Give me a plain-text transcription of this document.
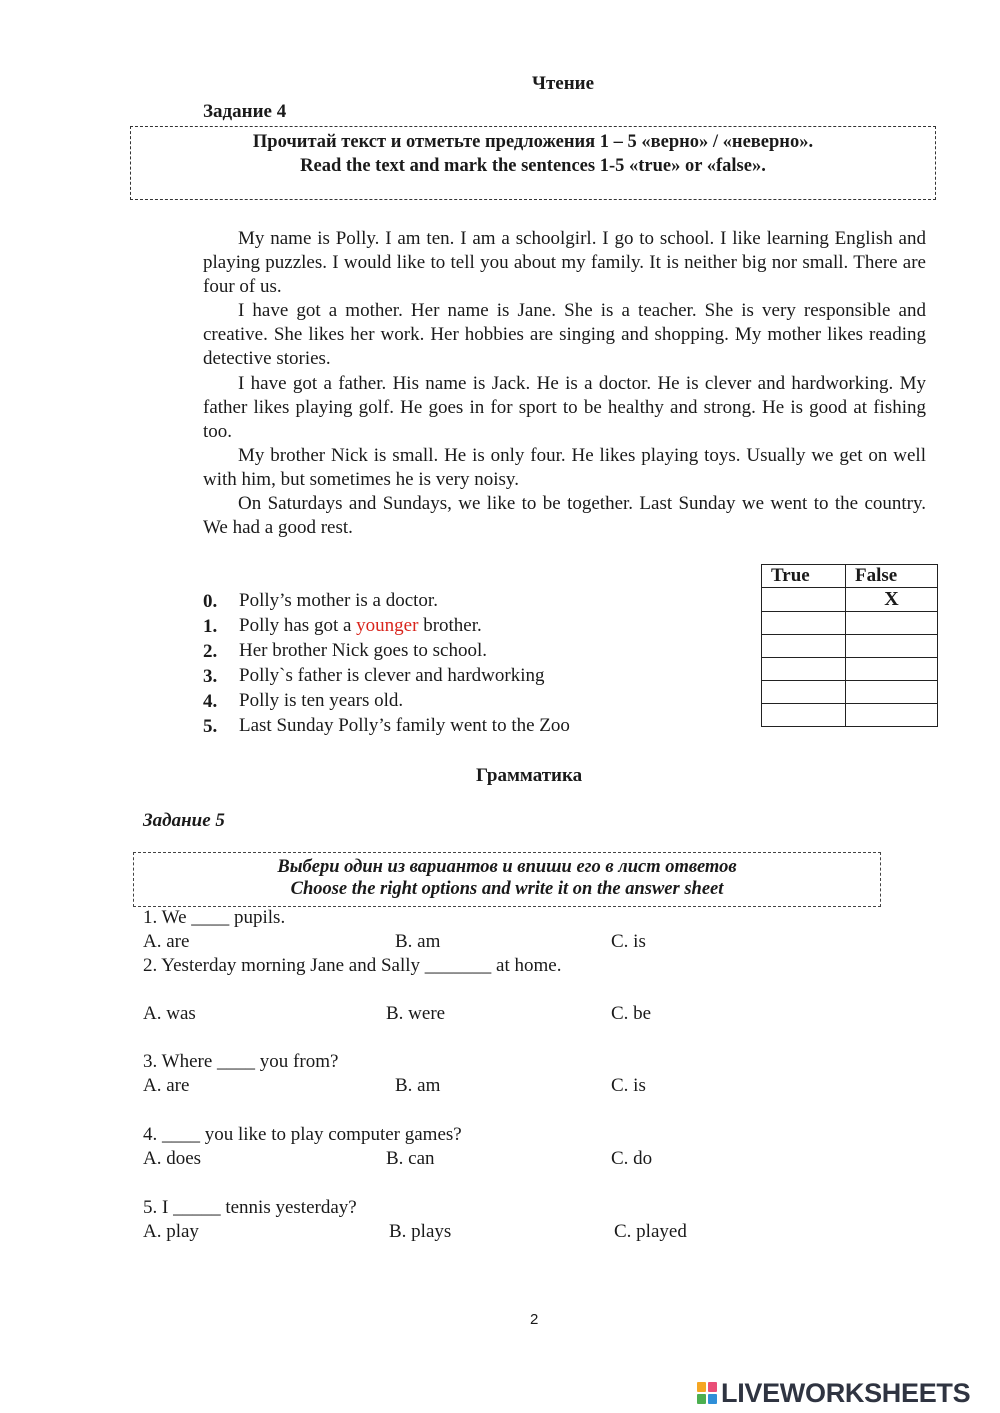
Чтение
Задание 4
Прочитай текст и отметьте предложения 1 – 5 «верно» / «неверно».
Read the text and mark the sentences 1-5 «true» or «false».

My name is Polly. I am ten. I am a schoolgirl. I go to school. I like learning English and playing puzzles. I would like to tell you about my family. It is neither big nor small. There are four of us.

I have got a mother. Her name is Jane. She is a teacher. She is very responsible and creative. She likes her work. Her hobbies are singing and shopping. My mother likes reading detective stories.

I have got a father. His name is Jack. He is a doctor. He is clever and hardworking. My father likes playing golf. He goes in for sport to be healthy and strong. He is good at fishing too.

My brother Nick is small. He is only four. He likes playing toys. Usually we get on well with him, but sometimes he is very noisy.

On Saturdays and Sundays, we like to be together. Last Sunday we went to the country. We had a good rest.

0. Polly’s mother is a doctor.
1. Polly has got a younger brother.
2. Her brother Nick goes to school.
3. Polly`s father is clever and hardworking
4. Polly is ten years old.
5. Last Sunday Polly’s family went to the Zoo
True	False
	X

Грамматика
Задание 5
Выбери один из вариантов и впиши его в лист ответов
Choose the right options and write it on the answer sheet
1. We ____ pupils.
A. are	B. am	C. is
2. Yesterday morning Jane and Sally _______ at home.
A. was	B. were	C. be
3. Where ____ you from?
A. are	B. am	C. is
4. ____ you like to play computer games?
A. does	B. can	C. do
5. I _____ tennis yesterday?
A. play	B. plays	C. played
2
LIVEWORKSHEETS
